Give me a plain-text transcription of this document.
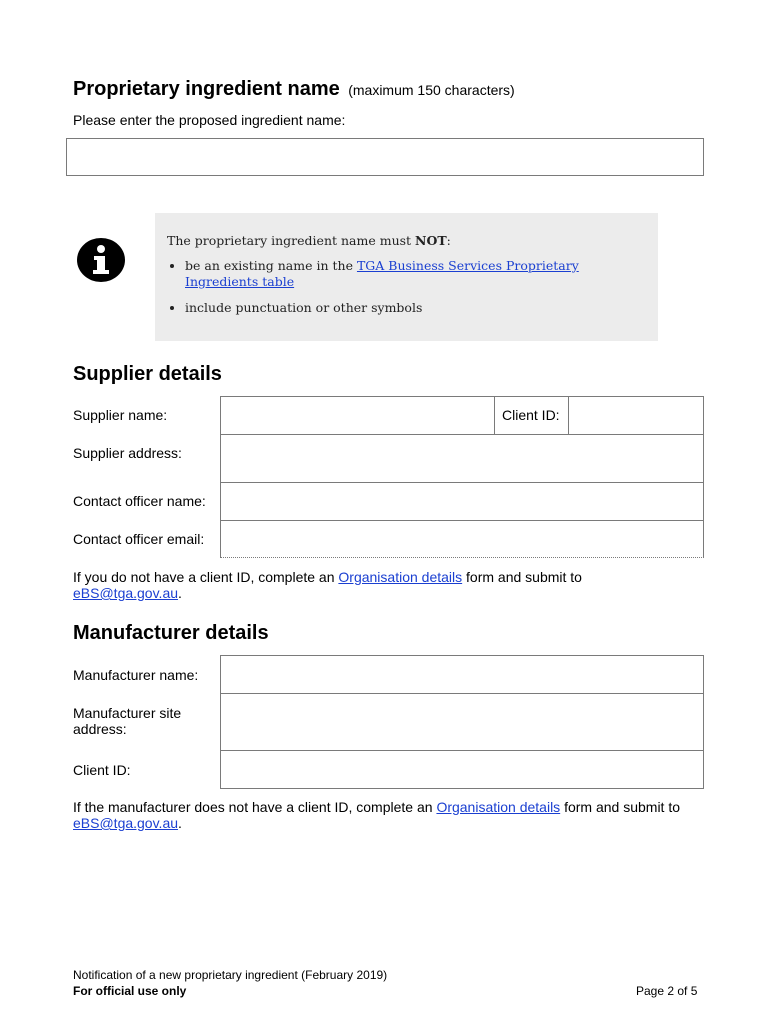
Proprietary ingredient name (maximum 150 characters)
Please enter the proposed ingredient name:
The proprietary ingredient name must NOT:
• be an existing name in the TGA Business Services Proprietary Ingredients table
• include punctuation or other symbols
Supplier details
Supplier name:	Client ID:
Supplier address:
Contact officer name:
Contact officer email:
If you do not have a client ID, complete an Organisation details form and submit to
eBS@tga.gov.au.
Manufacturer details
Manufacturer name:
Manufacturer site
address:
Client ID:
If the manufacturer does not have a client ID, complete an Organisation details form and submit to
eBS@tga.gov.au.
Notification of a new proprietary ingredient (February 2019)
For official use only	Page 2 of 5
